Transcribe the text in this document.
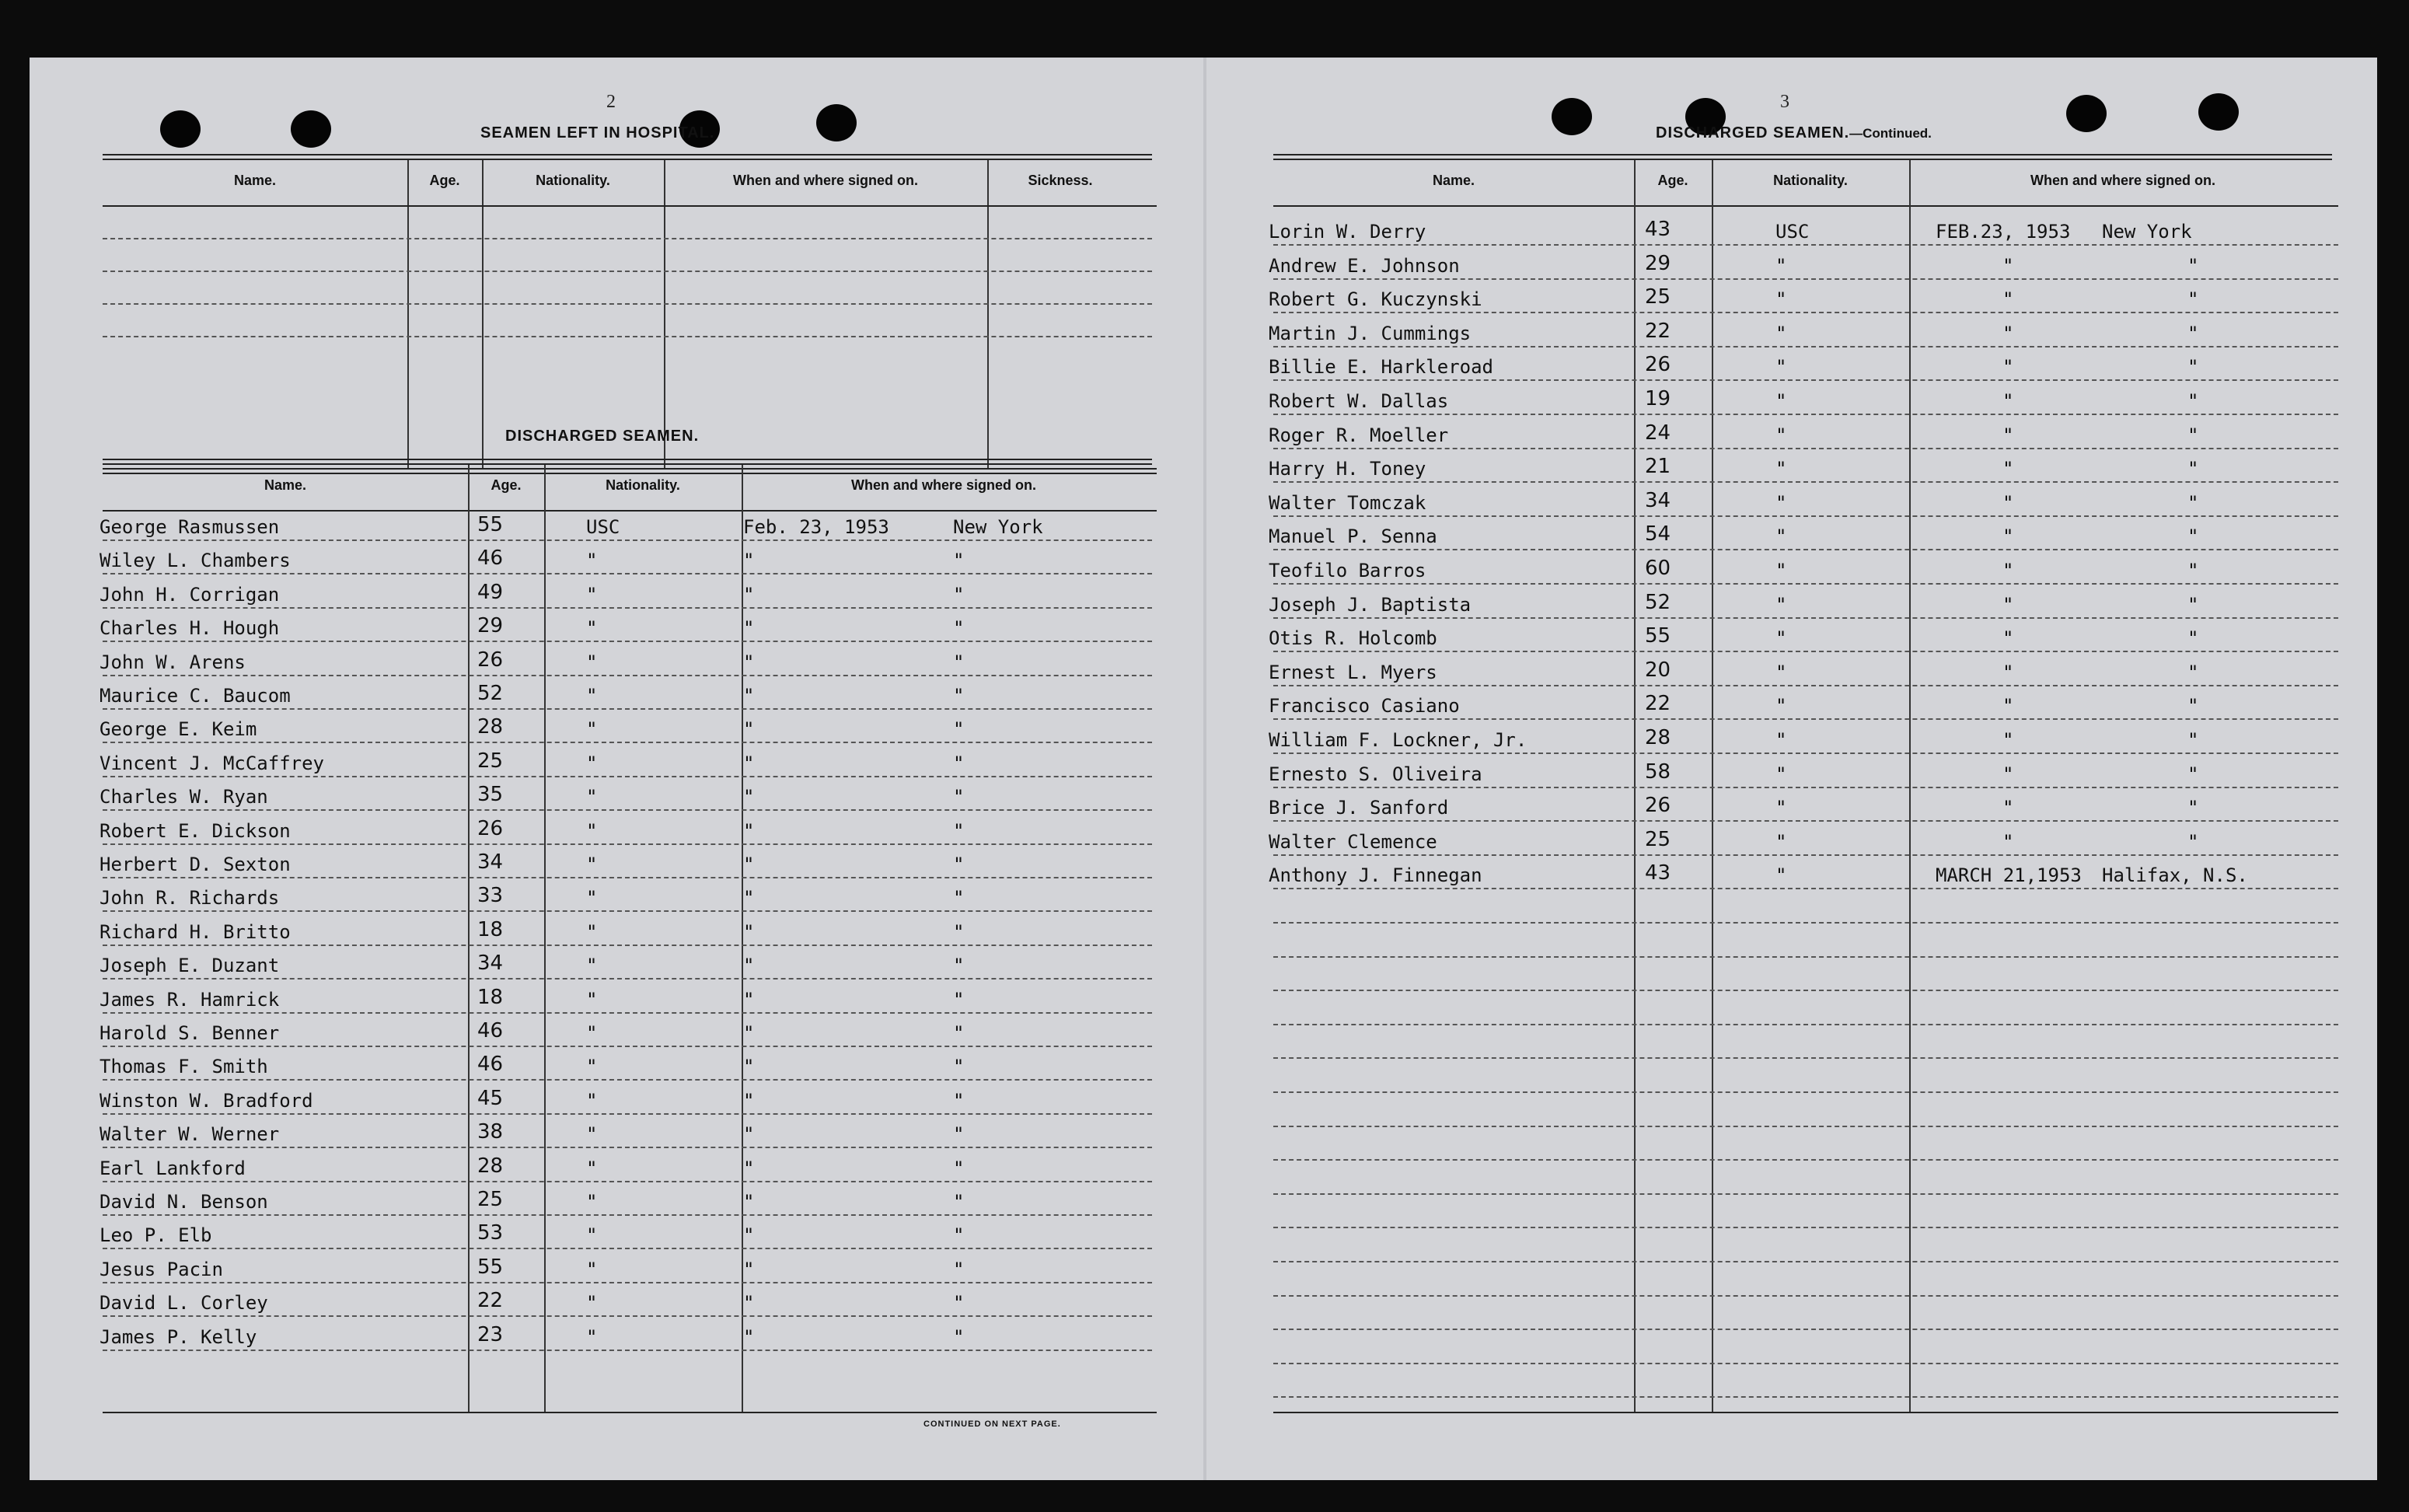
2
SEAMEN LEFT IN HOSPITAL.
Name.	Age.	Nationality.	When and where signed on.	Sickness.
DISCHARGED SEAMEN.
Name.	Age.	Nationality.	When and where signed on.
George Rasmussen	55	USC	Feb. 23, 1953	New York
Wiley L. Chambers	46	"	"	"
John H. Corrigan	49	"	"	"
Charles H. Hough	29	"	"	"
John W. Arens	26	"	"	"
Maurice C. Baucom	52	"	"	"
George E. Keim	28	"	"	"
Vincent J. McCaffrey	25	"	"	"
Charles W. Ryan	35	"	"	"
Robert E. Dickson	26	"	"	"
Herbert D. Sexton	34	"	"	"
John R. Richards	33	"	"	"
Richard H. Britto	18	"	"	"
Joseph E. Duzant	34	"	"	"
James R. Hamrick	18	"	"	"
Harold S. Benner	46	"	"	"
Thomas F. Smith	46	"	"	"
Winston W. Bradford	45	"	"	"
Walter W. Werner	38	"	"	"
Earl Lankford	28	"	"	"
David N. Benson	25	"	"	"
Leo P. Elb	53	"	"	"
Jesus Pacin	55	"	"	"
David L. Corley	22	"	"	"
James P. Kelly	23	"	"	"
CONTINUED ON NEXT PAGE.
3
DISCHARGED SEAMEN.—Continued.
Name.	Age.	Nationality.	When and where signed on.
Lorin W. Derry	43	USC	FEB.23, 1953 New York
Andrew E. Johnson	29	"	"	"
Robert G. Kuczynski	25	"	"	"
Martin J. Cummings	22	"	"	"
Billie E. Harkleroad	26	"	"	"
Robert W. Dallas	19	"	"	"
Roger R. Moeller	24	"	"	"
Harry H. Toney	21	"	"	"
Walter Tomczak	34	"	"	"
Manuel P. Senna	54	"	"	"
Teofilo Barros	60	"	"	"
Joseph J. Baptista	52	"	"	"
Otis R. Holcomb	55	"	"	"
Ernest L. Myers	20	"	"	"
Francisco Casiano	22	"	"	"
William F. Lockner, Jr.	28	"	"	"
Ernesto S. Oliveira	58	"	"	"
Brice J. Sanford	26	"	"	"
Walter Clemence	25	"	"	"
Anthony J. Finnegan	43	"	MARCH 21,1953 Halifax, N.S.
